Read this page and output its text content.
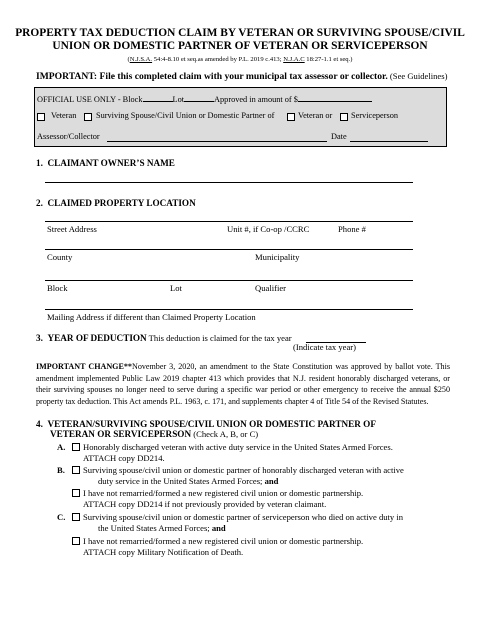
PROPERTY TAX DEDUCTION CLAIM BY VETERAN OR SURVIVING SPOUSE/CIVIL
UNION OR DOMESTIC PARTNER OF VETERAN OR SERVICEPERSON
(N.J.S.A. 54:4-8.10 et seq.as amended by P.L. 2019 c.413; N.J.A.C 18:27-1.1 et seq.)
IMPORTANT: File this completed claim with your municipal tax assessor or collector. (See Guidelines)
OFFICIAL USE ONLY - Block	Lot	Approved in amount of $
Veteran Surviving Spouse/Civil Union or Domestic Partner of	Veteran or Serviceperson
Assessor/Collector	Date
1. CLAIMANT OWNER’S NAME
2. CLAIMED PROPERTY LOCATION
Street Address	Unit #, if Co-op /CCRC	Phone #
County	Municipality
Block	Lot	Qualifier
Mailing Address if different than Claimed Property Location
3. YEAR OF DEDUCTION This deduction is claimed for the tax year
(Indicate tax year)
IMPORTANT CHANGE**November 3, 2020, an amendment to the State Constitution was approved by ballot vote. This amendment implemented Public Law 2019 chapter 413 which provides that N.J. resident honorably discharged veterans, or their surviving spouses no longer need to serve during a specific war period or other emergency to receive the annual $250 property tax deduction. This Act amends P.L. 1963, c. 171, and supplements chapter 4 of Title 54 of the Revised Statutes.
4. VETERAN/SURVIVING SPOUSE/CIVIL UNION OR DOMESTIC PARTNER OF
VETERAN OR SERVICEPERSON (Check A, B, or C)
A. Honorably discharged veteran with active duty service in the United States Armed Forces.
ATTACH copy DD214.
B. Surviving spouse/civil union or domestic partner of honorably discharged veteran with active
duty service in the United States Armed Forces; and
I have not remarried/formed a new registered civil union or domestic partnership.
ATTACH copy DD214 if not previously provided by veteran claimant.
C. Surviving spouse/civil union or domestic partner of serviceperson who died on active duty in
the United States Armed Forces; and
I have not remarried/formed a new registered civil union or domestic partnership.
ATTACH copy Military Notification of Death.
